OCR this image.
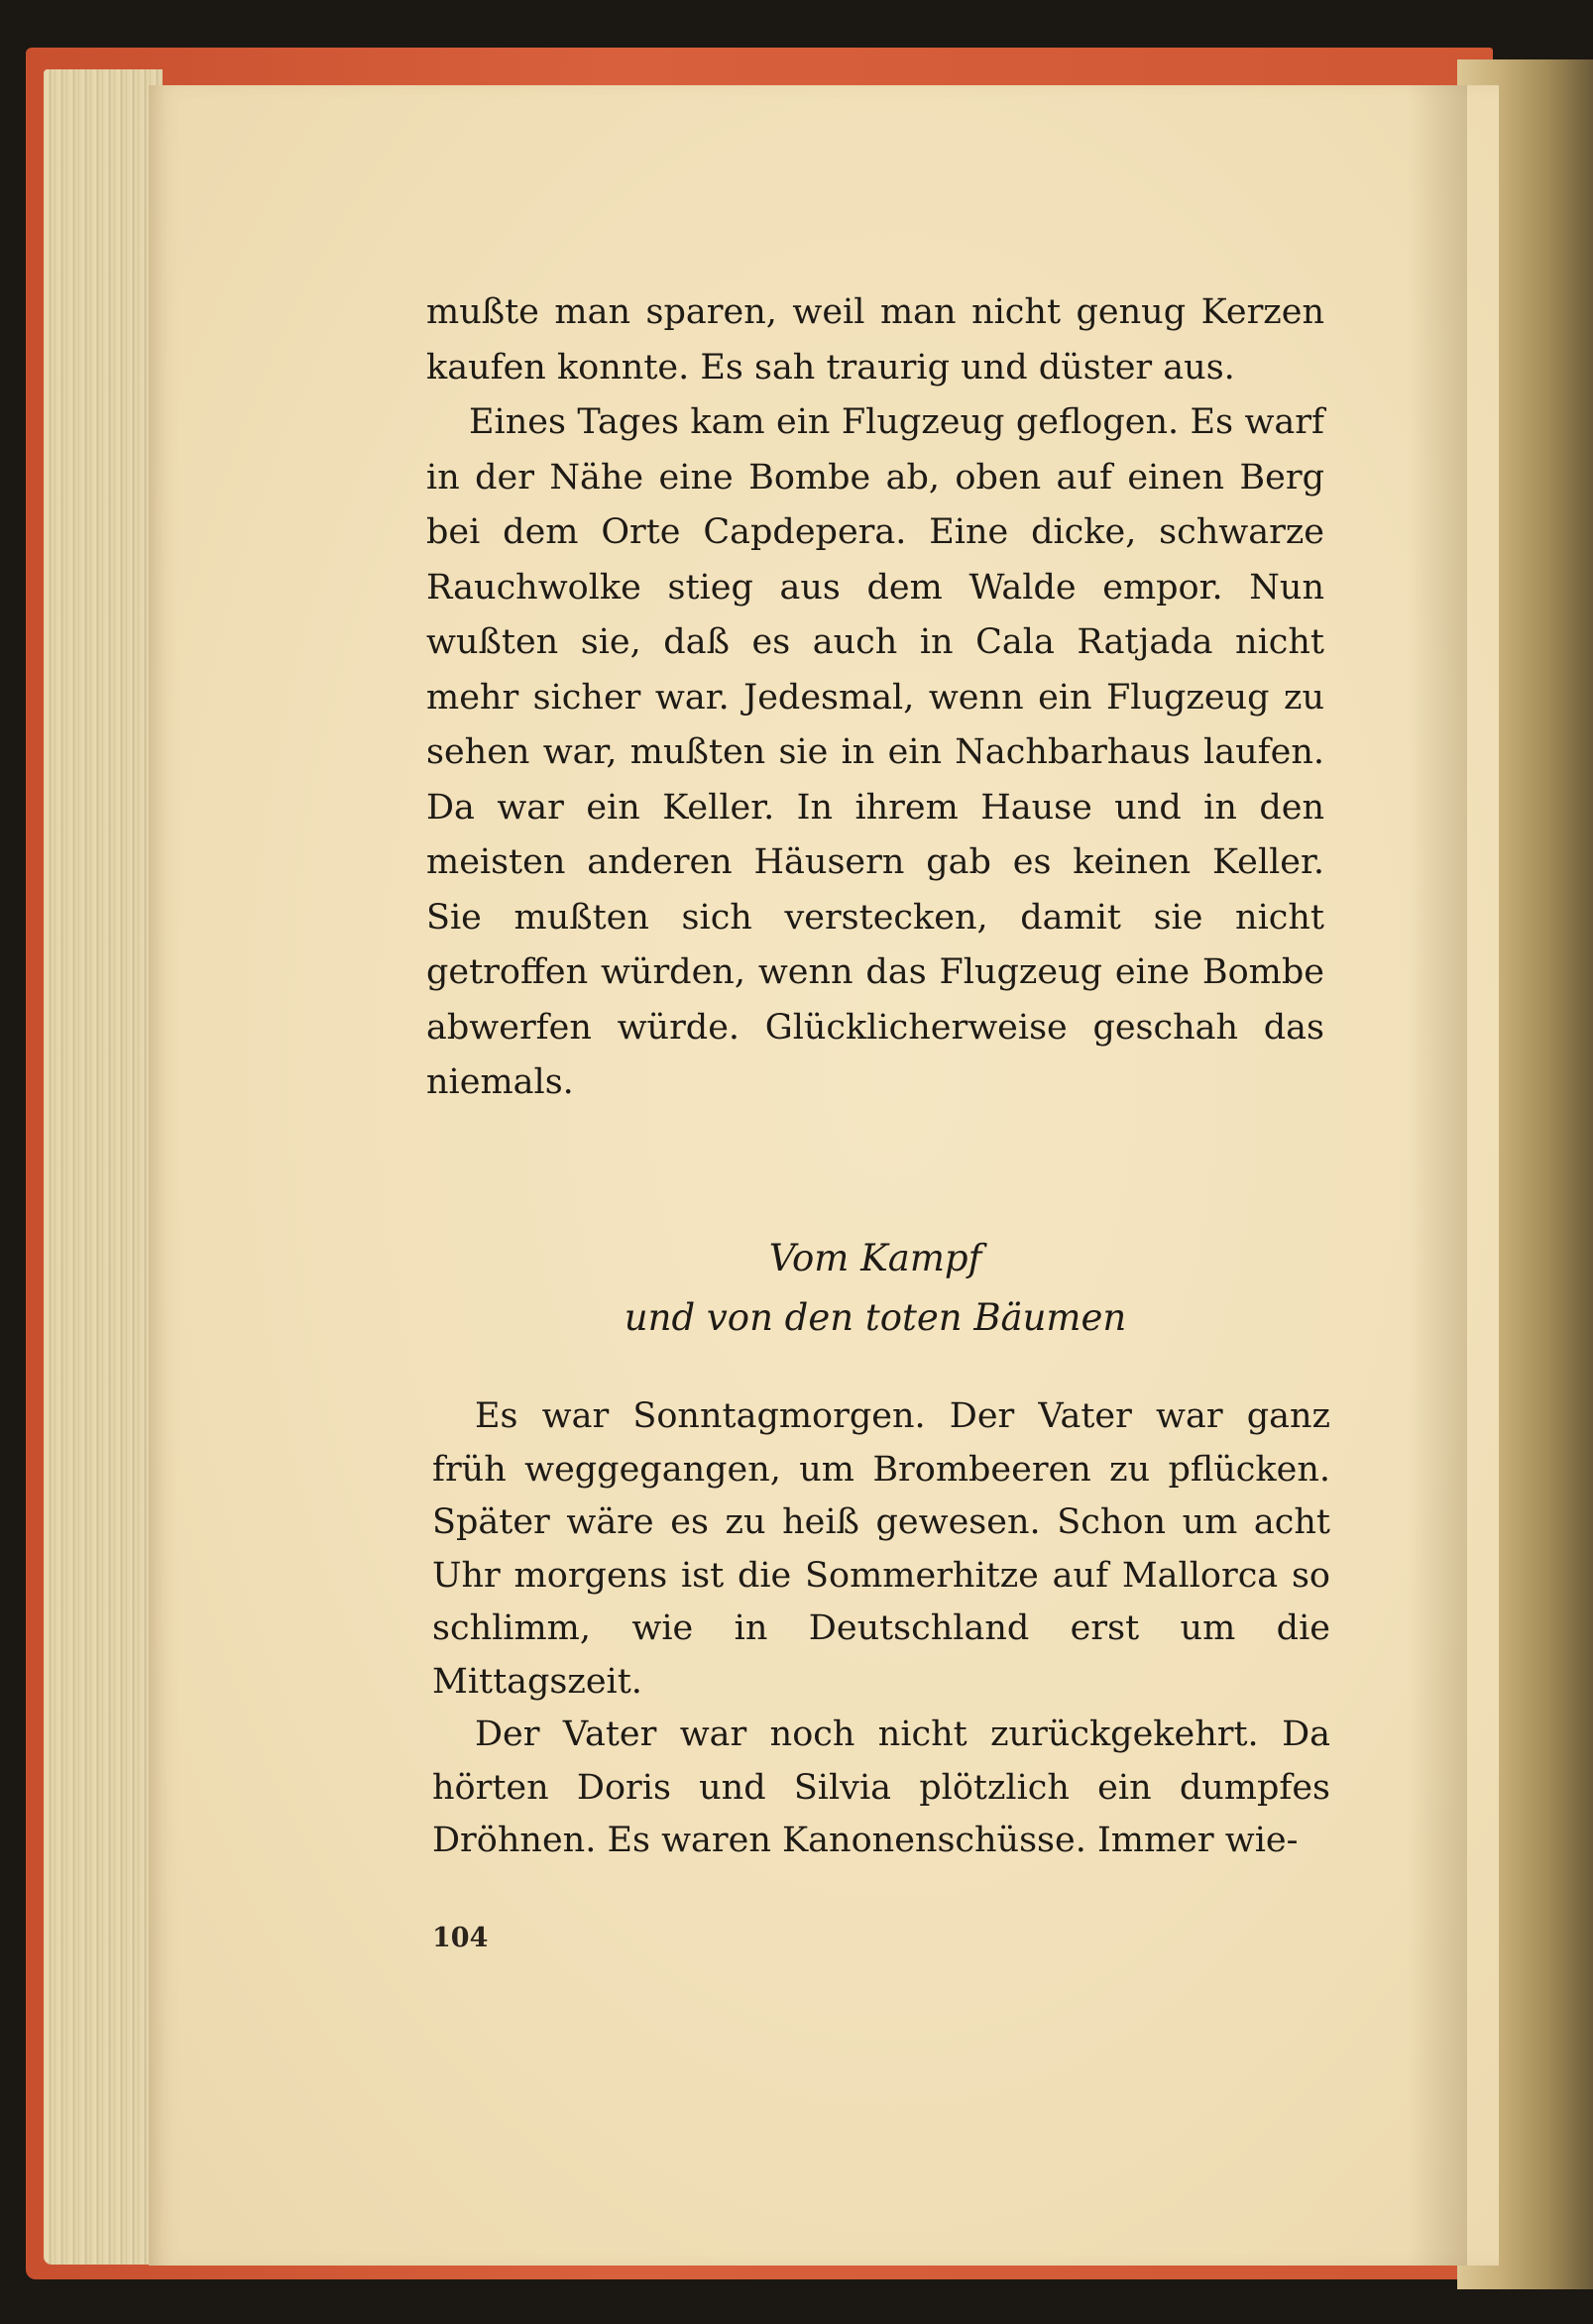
mußte man sparen, weil man nicht genug Kerzen kaufen konnte. Es sah traurig und düster aus.

Eines Tages kam ein Flugzeug geflogen. Es warf in der Nähe eine Bombe ab, oben auf einen Berg bei dem Orte Capdepera. Eine dicke, schwarze Rauchwolke stieg aus dem Walde empor. Nun wußten sie, daß es auch in Cala Ratjada nicht mehr sicher war. Jedesmal, wenn ein Flugzeug zu sehen war, mußten sie in ein Nachbarhaus laufen. Da war ein Keller. In ihrem Hause und in den meisten anderen Häusern gab es keinen Keller. Sie mußten sich verstecken, damit sie nicht getroffen würden, wenn das Flugzeug eine Bombe abwerfen würde. Glücklicherweise geschah das niemals.

Vom Kampf
und von den toten Bäumen

Es war Sonntagmorgen. Der Vater war ganz früh weggegangen, um Brombeeren zu pflücken. Später wäre es zu heiß gewesen. Schon um acht Uhr morgens ist die Sommerhitze auf Mallorca so schlimm, wie in Deutschland erst um die Mittagszeit.

Der Vater war noch nicht zurückgekehrt. Da hörten Doris und Silvia plötzlich ein dumpfes Dröhnen. Es waren Kanonenschüsse. Immer wie-

104
